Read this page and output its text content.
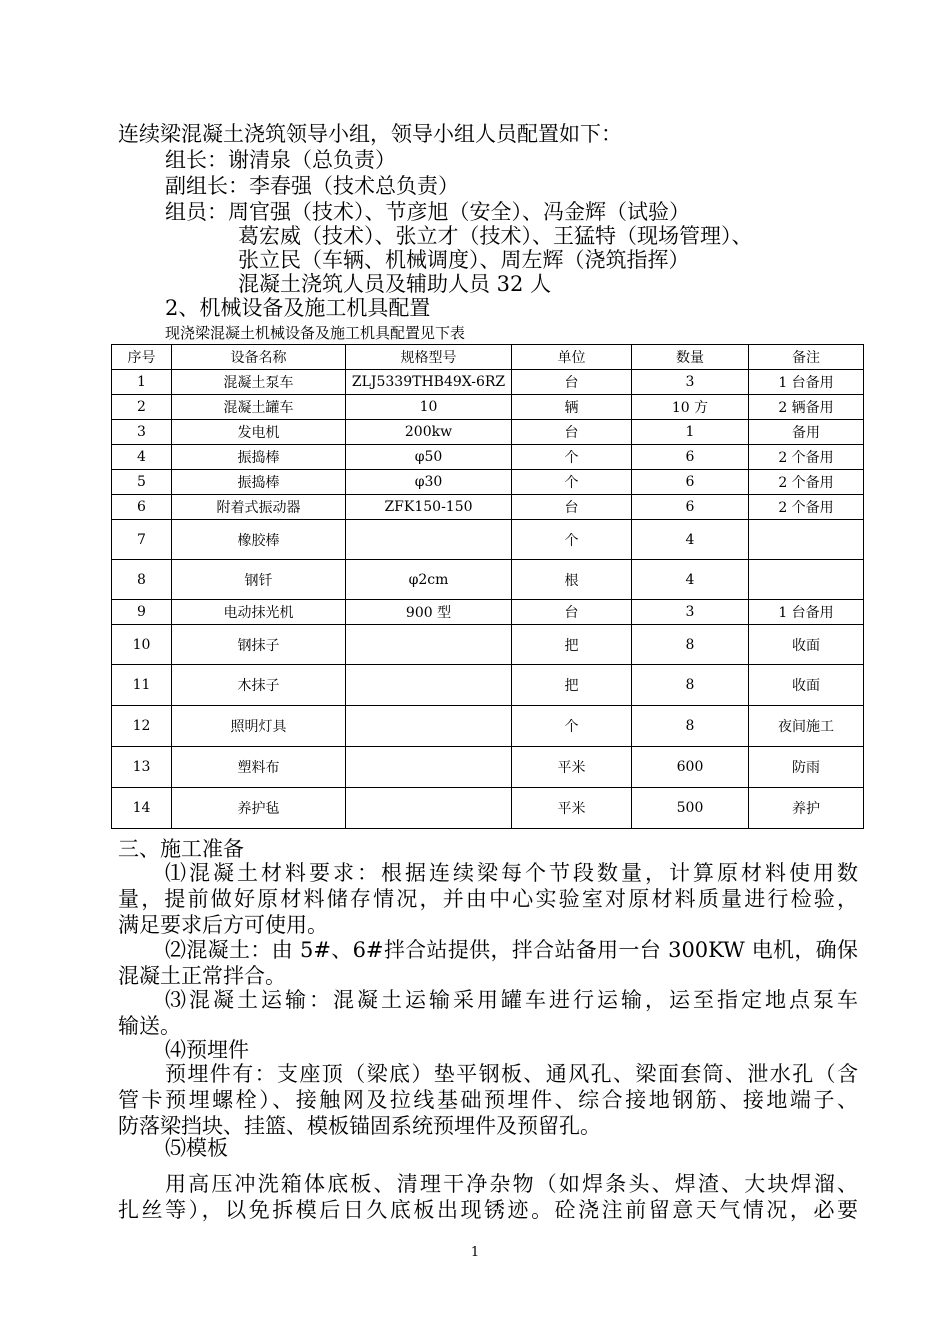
连续梁混凝土浇筑领导小组，领导小组人员配置如下：
组长：谢清泉（总负责）
副组长：李春强（技术总负责）
组员：周官强（技术）、节彦旭（安全）、冯金辉（试验）
葛宏威（技术）、张立才（技术）、王猛特（现场管理）、
张立民（车辆、机械调度）、周左辉（浇筑指挥）
混凝土浇筑人员及辅助人员 32 人
2、机械设备及施工机具配置
现浇梁混凝土机械设备及施工机具配置见下表
序号	设备名称	规格型号	单位	数量	备注
1	混凝土泵车	ZLJ5339THB49X-6RZ	台	3	1 台备用
2	混凝土罐车	10	辆	10 方	2 辆备用
3	发电机	200kw	台	1	备用
4	振捣棒	φ50	个	6	2 个备用
5	振捣棒	φ30	个	6	2 个备用
6	附着式振动器	ZFK150-150	台	6	2 个备用
7	橡胶棒		个	4	
8	钢钎	φ2cm	根	4	
9	电动抹光机	900 型	台	3	1 台备用
10	钢抹子		把	8	收面
11	木抹子		把	8	收面
12	照明灯具		个	8	夜间施工
13	塑料布		平米	600	防雨
14	养护毡		平米	500	养护
三、施工准备
⑴混凝土材料要求：根据连续梁每个节段数量，计算原材料使用数
量，提前做好原材料储存情况，并由中心实验室对原材料质量进行检验，
满足要求后方可使用。
⑵混凝土：由 5#、6#拌合站提供，拌合站备用一台 300KW 电机，确保
混凝土正常拌合。
⑶混凝土运输：混凝土运输采用罐车进行运输，运至指定地点泵车
输送。
⑷预埋件
预埋件有：支座顶（梁底）垫平钢板、通风孔、梁面套筒、泄水孔（含
管卡预埋螺栓）、接触网及拉线基础预埋件、综合接地钢筋、接地端子、
防落梁挡块、挂篮、模板锚固系统预埋件及预留孔。
⑸模板
用高压冲洗箱体底板、清理干净杂物（如焊条头、焊渣、大块焊溜、
扎丝等），以免拆模后日久底板出现锈迹。砼浇注前留意天气情况，必要
1
